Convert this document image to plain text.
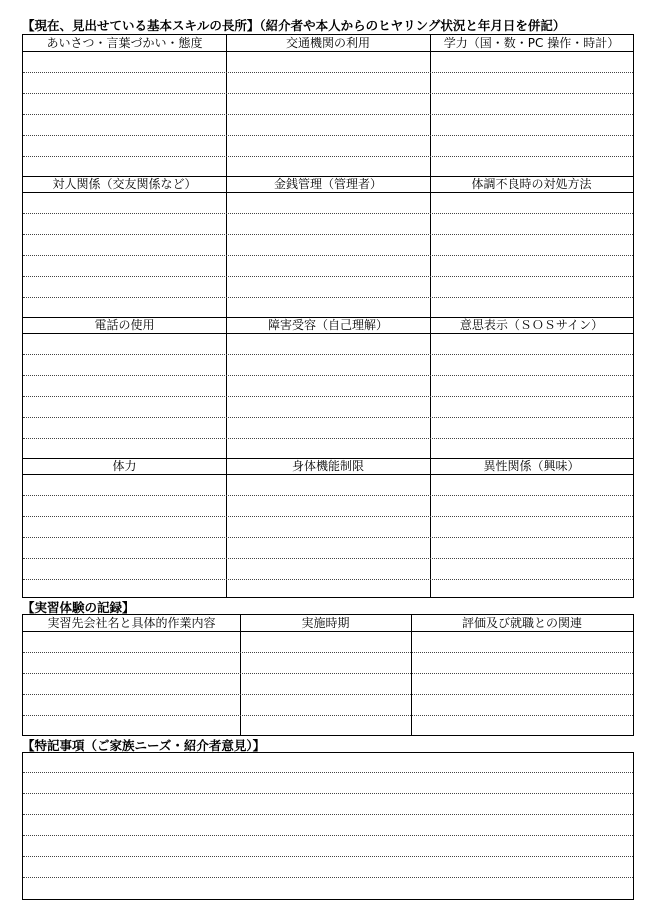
【現在、見出せている基本スキルの長所】（紹介者や本人からのヒヤリング状況と年月日を併記）
あいさつ・言葉づかい・態度	交通機関の利用	学力（国・数・PC 操作・時計）
対人関係（交友関係など）	金銭管理（管理者）	体調不良時の対処方法
電話の使用	障害受容（自己理解）	意思表示（ＳＯＳサイン）
体力	身体機能制限	異性関係（興味）
【実習体験の記録】
実習先会社名と具体的作業内容	実施時期	評価及び就職との関連
【特記事項（ご家族ニーズ・紹介者意見）】
